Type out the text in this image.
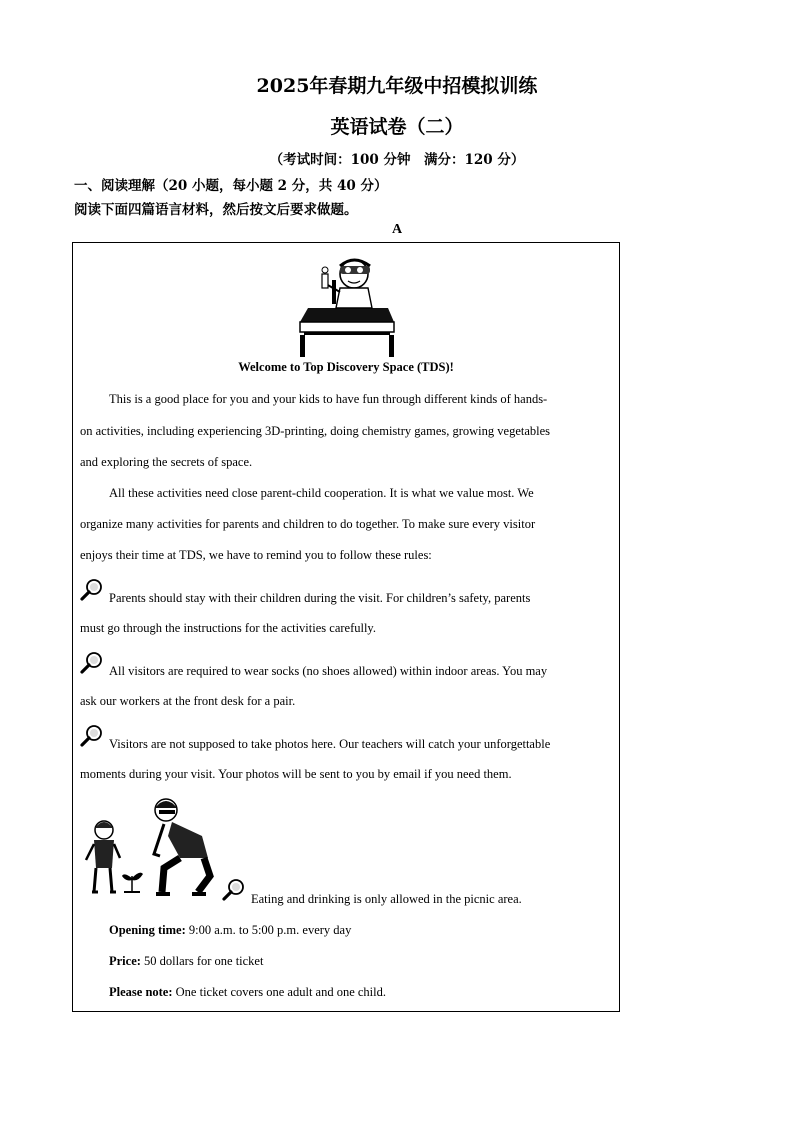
2025年春期九年级中招模拟训练
英语试卷（二）
（考试时间：100 分钟　满分：120 分）
一、阅读理解（20 小题，每小题 2 分，共 40 分）
阅读下面四篇语言材料，然后按文后要求做题。
A
Welcome to Top Discovery Space (TDS)!
This is a good place for you and your kids to have fun through different kinds of hands-
on activities, including experiencing 3D-printing, doing chemistry games, growing vegetables
and exploring the secrets of space.
All these activities need close parent-child cooperation. It is what we value most. We
organize many activities for parents and children to do together. To make sure every visitor
enjoys their time at TDS, we have to remind you to follow these rules:
Parents should stay with their children during the visit. For children’s safety, parents
must go through the instructions for the activities carefully.
All visitors are required to wear socks (no shoes allowed) within indoor areas. You may
ask our workers at the front desk for a pair.
Visitors are not supposed to take photos here. Our teachers will catch your unforgettable
moments during your visit. Your photos will be sent to you by email if you need them.
Eating and drinking is only allowed in the picnic area.
Opening time: 9:00 a.m. to 5:00 p.m. every day
Price: 50 dollars for one ticket
Please note: One ticket covers one adult and one child.
